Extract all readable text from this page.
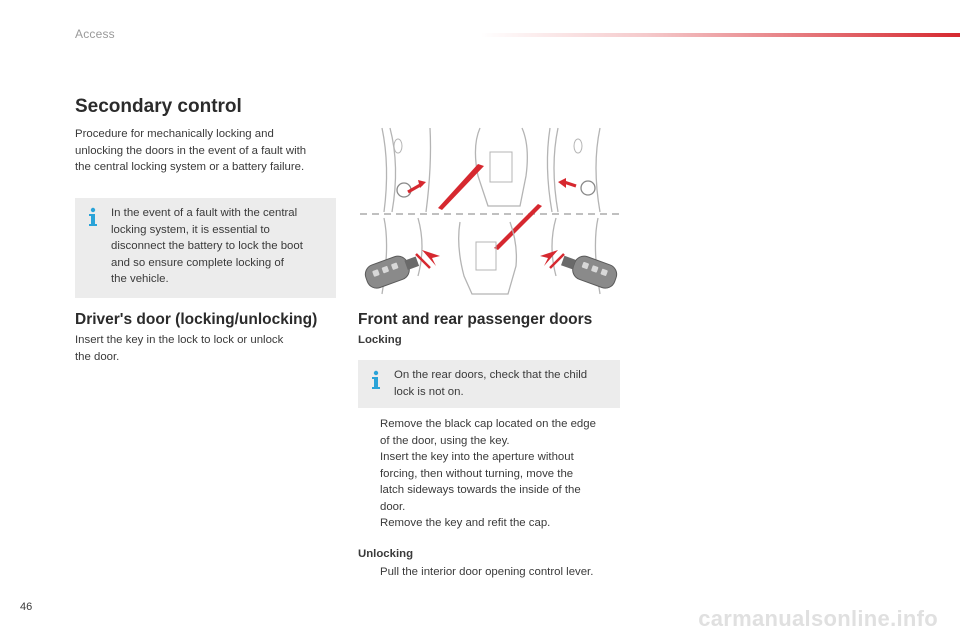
Access
Secondary control
Procedure for mechanically locking and
unlocking the doors in the event of a fault with
the central locking system or a battery failure.
In the event of a fault with the central
locking system, it is essential to
disconnect the battery to lock the boot
and so ensure complete locking of
the vehicle.
Driver's door (locking/unlocking)
Insert the key in the lock to lock or unlock
the door.
Front and rear passenger doors
Locking
On the rear doors, check that the child
lock is not on.
Remove the black cap located on the edge
of the door, using the key.
Insert the key into the aperture without
forcing, then without turning, move the
latch sideways towards the inside of the
door.
Remove the key and refit the cap.
Unlocking
Pull the interior door opening control lever.
46	carmanualsonline.info
